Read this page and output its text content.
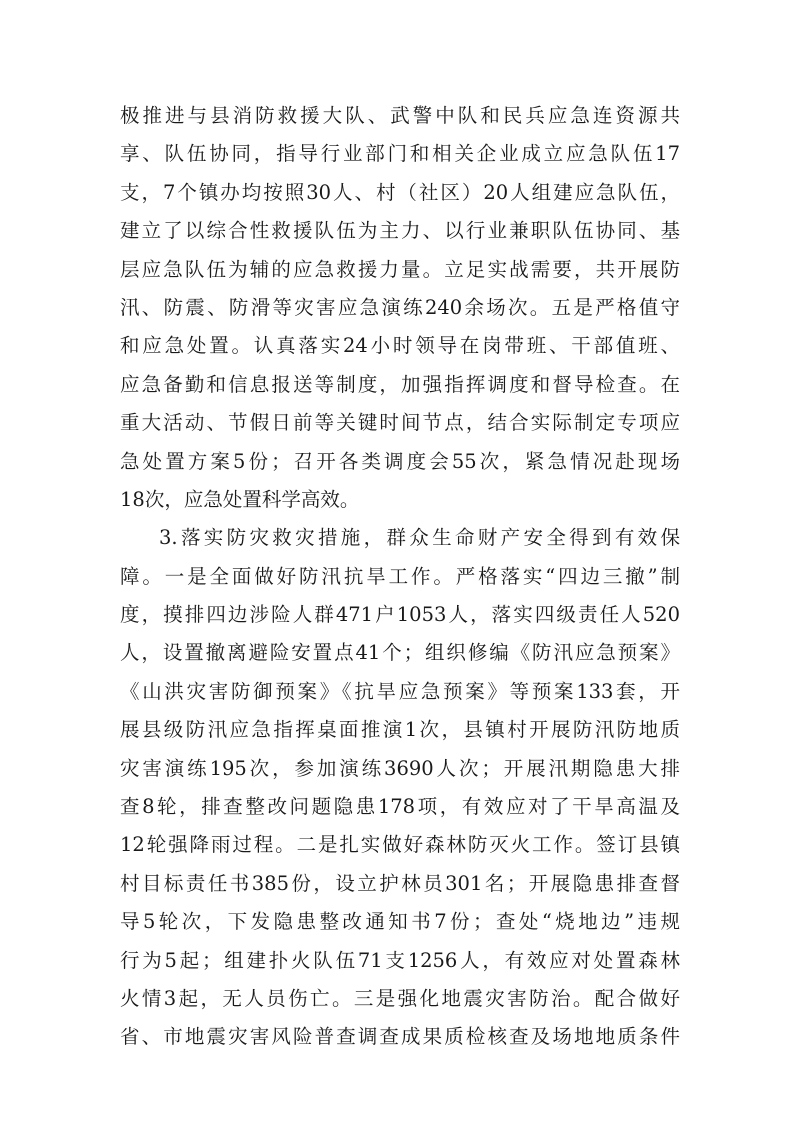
极推进与县消防救援大队、武警中队和民兵应急连资源共
享、队伍协同，指导行业部门和相关企业成立应急队伍17
支，7个镇办均按照30人、村（社区）20人组建应急队伍，
建立了以综合性救援队伍为主力、以行业兼职队伍协同、基
层应急队伍为辅的应急救援力量。立足实战需要，共开展防
汛、防震、防滑等灾害应急演练240余场次。五是严格值守
和应急处置。认真落实24小时领导在岗带班、干部值班、
应急备勤和信息报送等制度，加强指挥调度和督导检查。在
重大活动、节假日前等关键时间节点，结合实际制定专项应
急处置方案5份；召开各类调度会55次，紧急情况赴现场
18次，应急处置科学高效。
3.落实防灾救灾措施，群众生命财产安全得到有效保
障。一是全面做好防汛抗旱工作。严格落实“四边三撤”制
度，摸排四边涉险人群471户1053人，落实四级责任人520
人，设置撤离避险安置点41个；组织修编《防汛应急预案》
《山洪灾害防御预案》《抗旱应急预案》等预案133套，开
展县级防汛应急指挥桌面推演1次，县镇村开展防汛防地质
灾害演练195次，参加演练3690人次；开展汛期隐患大排
查8轮，排查整改问题隐患178项，有效应对了干旱高温及
12轮强降雨过程。二是扎实做好森林防灭火工作。签订县镇
村目标责任书385份，设立护林员301名；开展隐患排查督
导5轮次，下发隐患整改通知书7份；查处“烧地边”违规
行为5起；组建扑火队伍71支1256人，有效应对处置森林
火情3起，无人员伤亡。三是强化地震灾害防治。配合做好
省、市地震灾害风险普查调查成果质检核查及场地地质条件
